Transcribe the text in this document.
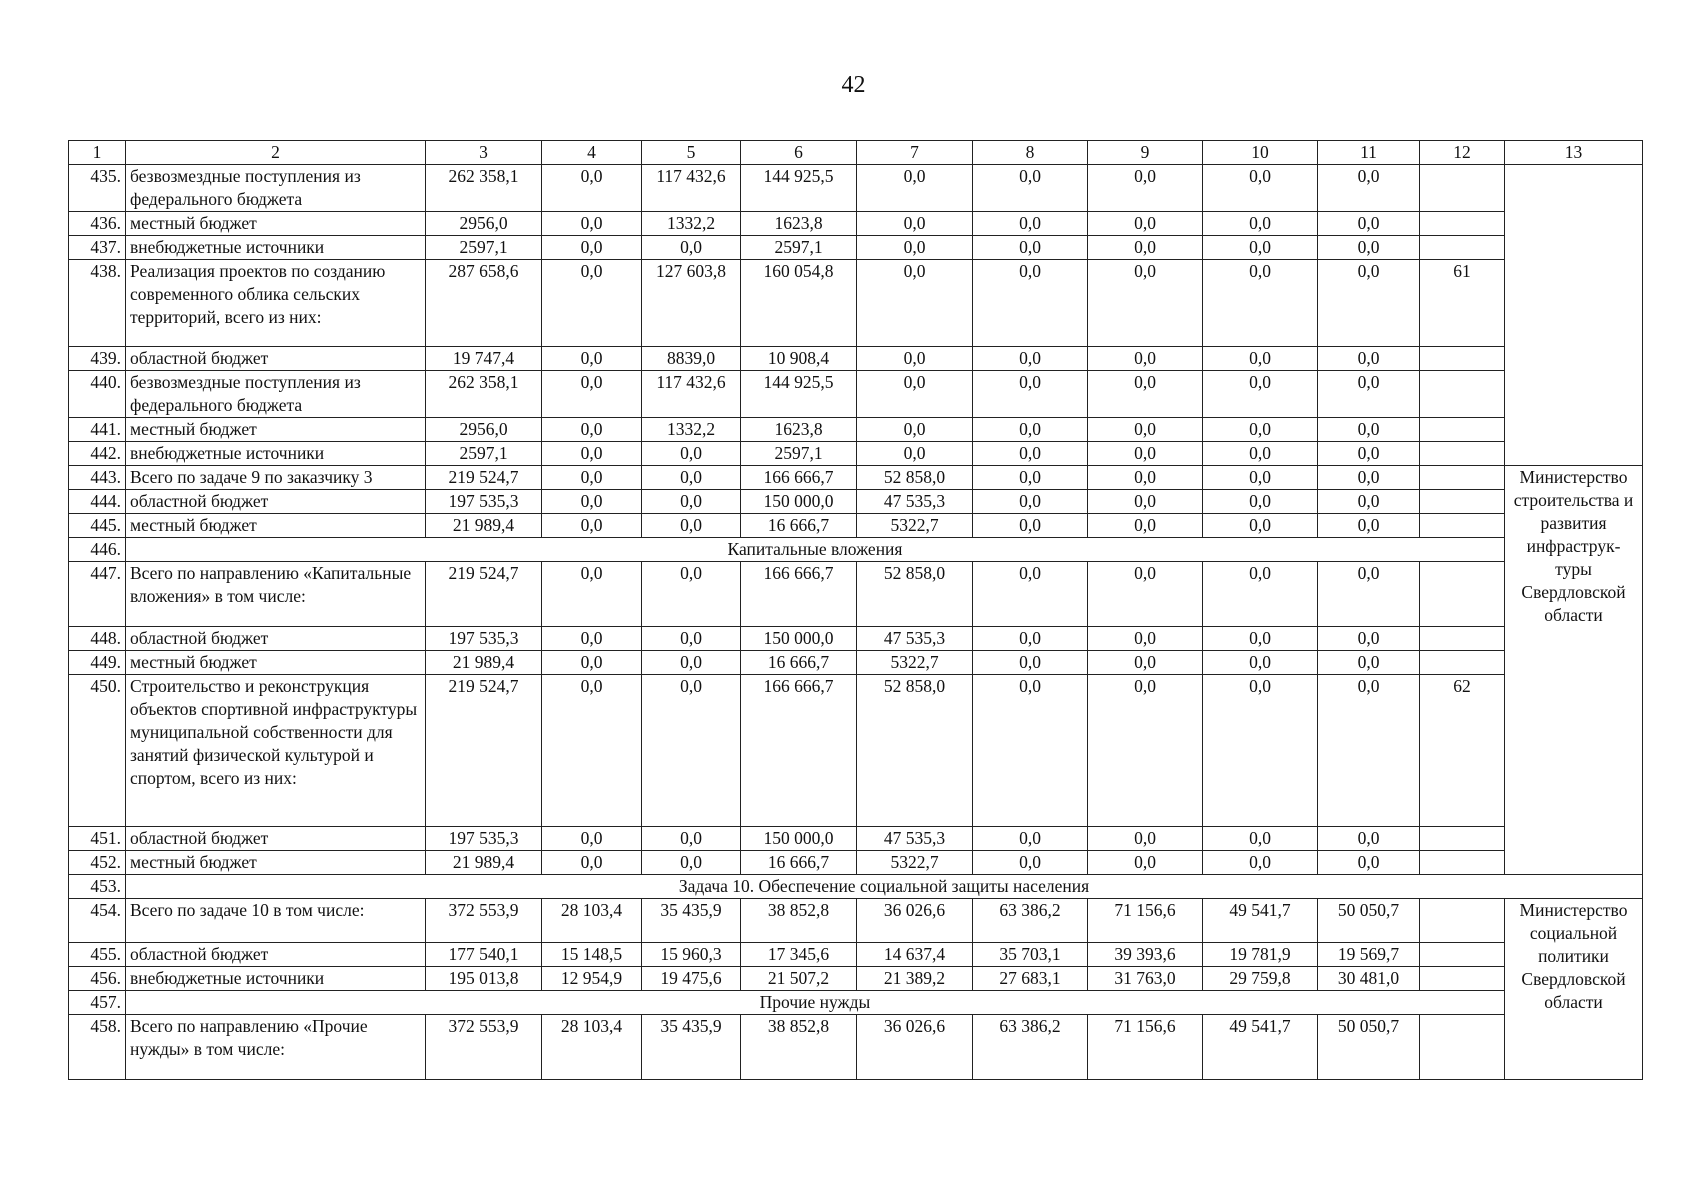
42
1	2	3	4	5	6	7	8	9	10	11	12	13
435.	безвозмездные поступления из федерального бюджета	262 358,1	0,0	117 432,6	144 925,5	0,0	0,0	0,0	0,0	0,0		
436.	местный бюджет	2956,0	0,0	1332,2	1623,8	0,0	0,0	0,0	0,0	0,0		
437.	внебюджетные источники	2597,1	0,0	0,0	2597,1	0,0	0,0	0,0	0,0	0,0		
438.	Реализация проектов по созданию современного облика сельских территорий, всего из них:	287 658,6	0,0	127 603,8	160 054,8	0,0	0,0	0,0	0,0	0,0	61	
439.	областной бюджет	19 747,4	0,0	8839,0	10 908,4	0,0	0,0	0,0	0,0	0,0		
440.	безвозмездные поступления из федерального бюджета	262 358,1	0,0	117 432,6	144 925,5	0,0	0,0	0,0	0,0	0,0		
441.	местный бюджет	2956,0	0,0	1332,2	1623,8	0,0	0,0	0,0	0,0	0,0		
442.	внебюджетные источники	2597,1	0,0	0,0	2597,1	0,0	0,0	0,0	0,0	0,0		
443.	Всего по задаче 9 по заказчику 3	219 524,7	0,0	0,0	166 666,7	52 858,0	0,0	0,0	0,0	0,0		Министерство строительства и развития инфраструк-туры Свердловской области
444.	областной бюджет	197 535,3	0,0	0,0	150 000,0	47 535,3	0,0	0,0	0,0	0,0		
445.	местный бюджет	21 989,4	0,0	0,0	16 666,7	5322,7	0,0	0,0	0,0	0,0		
446.	Капитальные вложения											
447.	Всего по направлению «Капитальные вложения» в том числе:	219 524,7	0,0	0,0	166 666,7	52 858,0	0,0	0,0	0,0	0,0		
448.	областной бюджет	197 535,3	0,0	0,0	150 000,0	47 535,3	0,0	0,0	0,0	0,0		
449.	местный бюджет	21 989,4	0,0	0,0	16 666,7	5322,7	0,0	0,0	0,0	0,0		
450.	Строительство и реконструкция объектов спортивной инфраструктуры муниципальной собственности для занятий физической культурой и спортом, всего из них:	219 524,7	0,0	0,0	166 666,7	52 858,0	0,0	0,0	0,0	0,0	62	
451.	областной бюджет	197 535,3	0,0	0,0	150 000,0	47 535,3	0,0	0,0	0,0	0,0		
452.	местный бюджет	21 989,4	0,0	0,0	16 666,7	5322,7	0,0	0,0	0,0	0,0		
453.	Задача 10. Обеспечение социальной защиты населения											
454.	Всего по задаче 10 в том числе:	372 553,9	28 103,4	35 435,9	38 852,8	36 026,6	63 386,2	71 156,6	49 541,7	50 050,7		Министерство социальной политики Свердловской области
455.	областной бюджет	177 540,1	15 148,5	15 960,3	17 345,6	14 637,4	35 703,1	39 393,6	19 781,9	19 569,7		
456.	внебюджетные источники	195 013,8	12 954,9	19 475,6	21 507,2	21 389,2	27 683,1	31 763,0	29 759,8	30 481,0		
457.	Прочие нужды											
458.	Всего по направлению «Прочие нужды» в том числе:	372 553,9	28 103,4	35 435,9	38 852,8	36 026,6	63 386,2	71 156,6	49 541,7	50 050,7		
